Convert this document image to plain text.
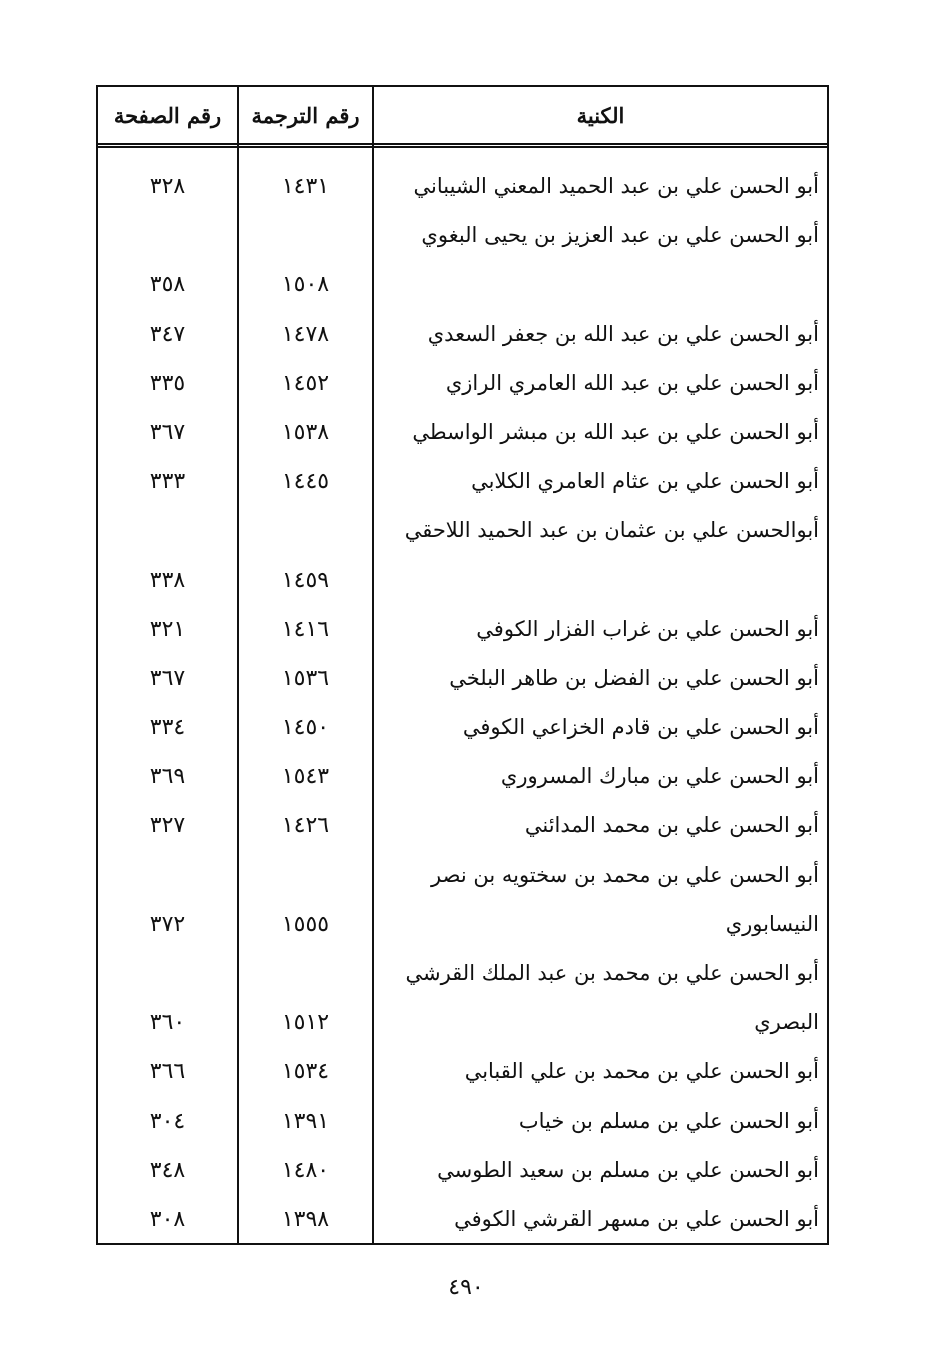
رقم الصفحة	رقم الترجمة	الكنية
أبو الحسن علي بن عبد الحميد المعني الشيباني
١٤٣١
٣٢٨
أبو الحسن علي بن عبد العزيز بن يحيى البغوي
١٥٠٨
٣٥٨
أبو الحسن علي بن عبد الله بن جعفر السعدي
١٤٧٨
٣٤٧
أبو الحسن علي بن عبد الله العامري الرازي
١٤٥٢
٣٣٥
أبو الحسن علي بن عبد الله بن مبشر الواسطي
١٥٣٨
٣٦٧
أبو الحسن علي بن عثام العامري الكلابي
١٤٤٥
٣٣٣
أبوالحسن علي بن عثمان بن عبد الحميد اللاحقي
١٤٥٩
٣٣٨
أبو الحسن علي بن غراب الفزار الكوفي
١٤١٦
٣٢١
أبو الحسن علي بن الفضل بن طاهر البلخي
١٥٣٦
٣٦٧
أبو الحسن علي بن قادم الخزاعي الكوفي
١٤٥٠
٣٣٤
أبو الحسن علي بن مبارك المسروري
١٥٤٣
٣٦٩
أبو الحسن علي بن محمد المدائني
١٤٢٦
٣٢٧
أبو الحسن علي بن محمد بن سختويه بن نصر النيسابوري
١٥٥٥
٣٧٢
أبو الحسن علي بن محمد بن عبد الملك القرشي البصري
١٥١٢
٣٦٠
أبو الحسن علي بن محمد بن علي القبابي
١٥٣٤
٣٦٦
أبو الحسن علي بن مسلم بن خياب
١٣٩١
٣٠٤
أبو الحسن علي بن مسلم بن سعيد الطوسي
١٤٨٠
٣٤٨
أبو الحسن علي بن مسهر القرشي الكوفي
١٣٩٨
٣٠٨
٤٩٠
